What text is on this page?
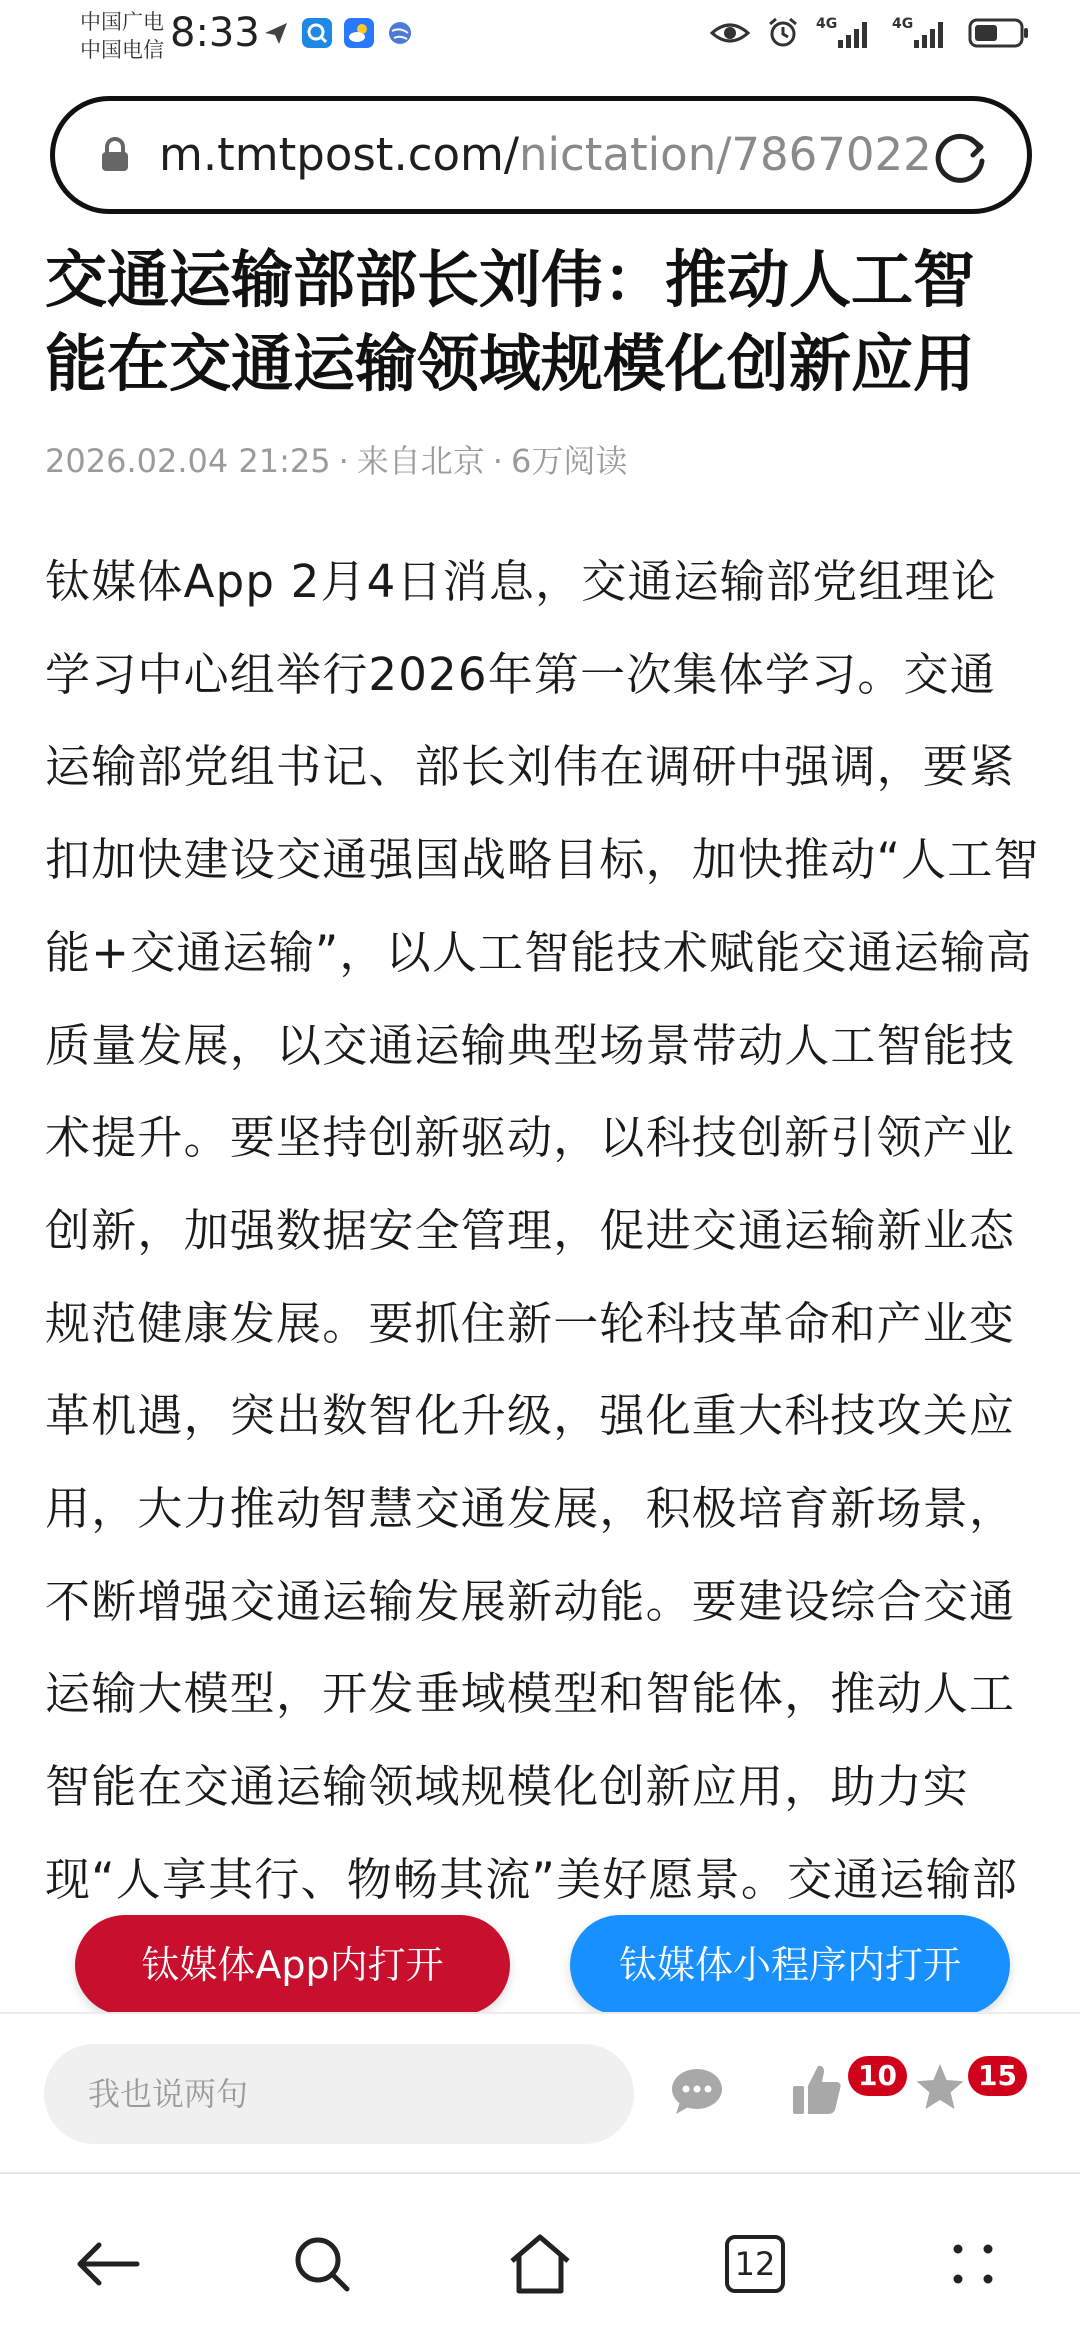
中国广电
中国电信 8:33	4G	4G
m.tmtpost.com/nictation/7867022
交通运输部部长刘伟：推动人工智能在交通运输领域规模化创新应用
2026.02.04 21:25 · 来自北京 · 6万阅读

钛媒体App 2月4日消息，交通运输部党组理论学习中心组举行2026年第一次集体学习。交通运输部党组书记、部长刘伟在调研中强调，要紧扣加快建设交通强国战略目标，加快推动“人工智能+交通运输”，以人工智能技术赋能交通运输高质量发展，以交通运输典型场景带动人工智能技术提升。要坚持创新驱动，以科技创新引领产业创新，加强数据安全管理，促进交通运输新业态规范健康发展。要抓住新一轮科技革命和产业变革机遇，突出数智化升级，强化重大科技攻关应用，大力推动智慧交通发展，积极培育新场景，不断增强交通运输发展新动能。要建设综合交通运输大模型，开发垂域模型和智能体，推动人工智能在交通运输领域规模化创新应用，助力实现“人享其行、物畅其流”美好愿景。交通运输部

钛媒体App内打开	钛媒体小程序内打开
我也说两句	10	15
12
